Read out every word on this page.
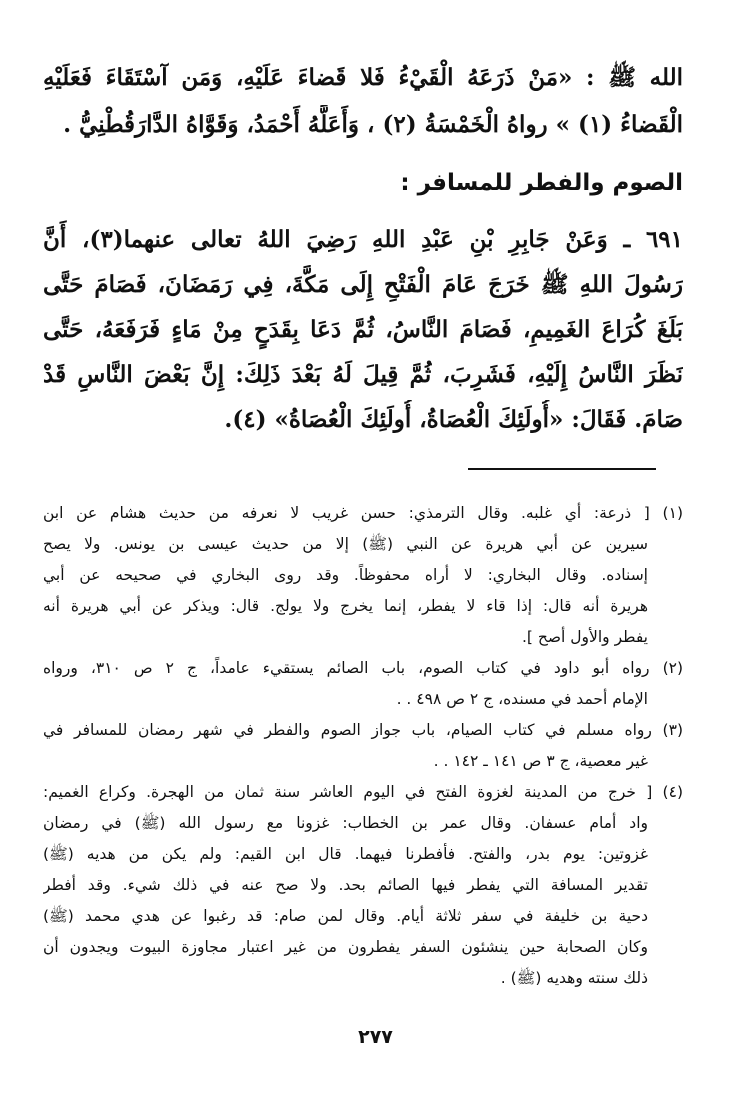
الله ﷺ : «مَنْ ذَرَعَهُ الْقَيْءُ فَلا قَضاءَ عَلَيْهِ، وَمَن آسْتَقَاءَ فَعَلَيْهِ
الْقَضاءُ (١) » رواهُ الْخَمْسَةُ (٢) ، وَأَعَلَّهُ أَحْمَدُ، وَقَوَّاهُ الدَّارَقُطْنِيُّ .
الصوم والفطر للمسافر :
٦٩١ ـ وَعَنْ جَابِرِ بْنِ عَبْدِ اللهِ رَضِيَ اللهُ تعالى عنهما(٣)، أَنَّ
رَسُولَ اللهِ ﷺ خَرَجَ عَامَ الْفَتْحِ إِلَى مَكَّةَ، فِي رَمَضَانَ، فَصَامَ حَتَّى
بَلَغَ كُرَاعَ الغَمِيمِ، فَصَامَ النَّاسُ، ثُمَّ دَعَا بِقَدَحٍ مِنْ مَاءٍ فَرَفَعَهُ، حَتَّى
نَظَرَ النَّاسُ إِلَيْهِ، فَشَرِبَ، ثُمَّ قِيلَ لَهُ بَعْدَ ذَلِكَ: إِنَّ بَعْضَ النَّاسِ قَدْ
صَامَ. فَقَالَ: «أُولَئِكَ الْعُصَاةُ، أُولَئِكَ الْعُصَاةُ» (٤).
(١) [ ذرعة: أي غلبه. وقال الترمذي: حسن غريب لا نعرفه من حديث هشام عن ابن
سيرين عن أبي هريرة عن النبي (ﷺ) إلا من حديث عيسى بن يونس. ولا يصح
إسناده. وقال البخاري: لا أراه محفوظاً. وقد روى البخاري في صحيحه عن أبي
هريرة أنه قال: إذا قاء لا يفطر، إنما يخرج ولا يولج. قال: ويذكر عن أبي هريرة أنه
يفطر والأول أصح ].
(٢) رواه أبو داود في كتاب الصوم، باب الصائم يستقيء عامداً، ج ٢ ص ٣١٠، ورواه
الإمام أحمد في مسنده، ج ٢ ص ٤٩٨ . .
(٣) رواه مسلم في كتاب الصيام، باب جواز الصوم والفطر في شهر رمضان للمسافر في
غير معصية، ج ٣ ص ١٤١ ـ ١٤٢ . .
(٤) [ خرج من المدينة لغزوة الفتح في اليوم العاشر سنة ثمان من الهجرة. وكراع الغميم:
واد أمام عسفان. وقال عمر بن الخطاب: غزونا مع رسول الله (ﷺ) في رمضان
غزوتين: يوم بدر، والفتح. فأفطرنا فيهما. قال ابن القيم: ولم يكن من هديه (ﷺ)
تقدير المسافة التي يفطر فيها الصائم بحد. ولا صح عنه في ذلك شيء. وقد أفطر
دحية بن خليفة في سفر ثلاثة أيام. وقال لمن صام: قد رغبوا عن هدي محمد (ﷺ)
وكان الصحابة حين ينشئون السفر يفطرون من غير اعتبار مجاوزة البيوت ويجدون أن
ذلك سنته وهديه (ﷺ) .
٢٧٧
